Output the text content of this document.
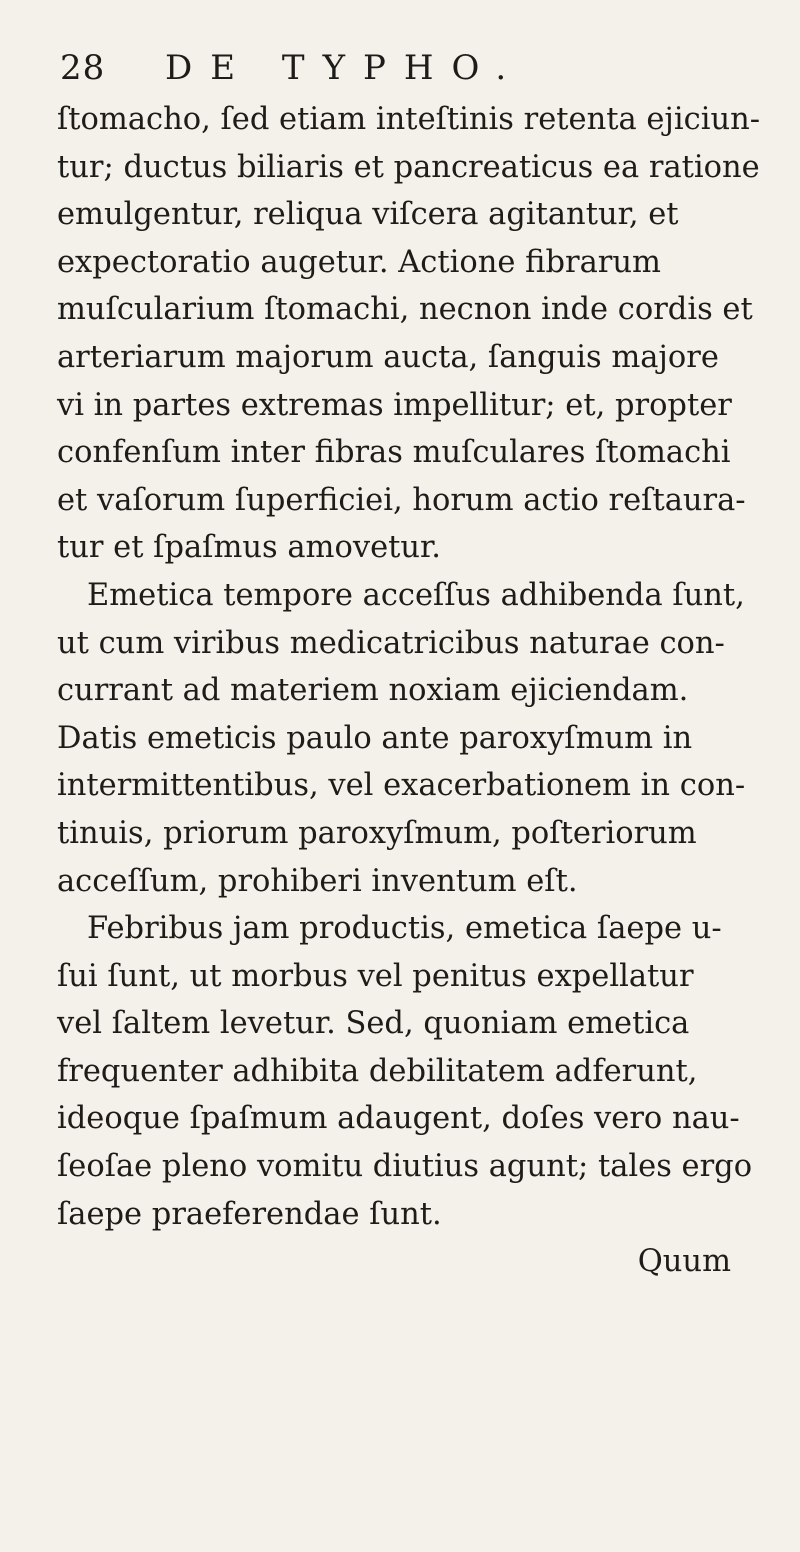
28 DE TYPHO.
ſtomacho, ſed etiam inteſtinis retenta ejiciun-
tur; ductus biliaris et pancreaticus ea ratione
emulgentur, reliqua viſcera agitantur, et
expectoratio augetur. Actione fibrarum
muſcularium ſtomachi, necnon inde cordis et
arteriarum majorum aucta, ſanguis majore
vi in partes extremas impellitur; et, propter
confenſum inter fibras muſculares ſtomachi
et vaſorum ſuperficiei, horum actio reſtaura-
tur et ſpaſmus amovetur.
Emetica tempore acceſſus adhibenda ſunt,
ut cum viribus medicatricibus naturae con-
currant ad materiem noxiam ejiciendam.
Datis emeticis paulo ante paroxyſmum in
intermittentibus, vel exacerbationem in con-
tinuis, priorum paroxyſmum, poſteriorum
acceſſum, prohiberi inventum eſt.
Febribus jam productis, emetica ſaepe u-
ſui ſunt, ut morbus vel penitus expellatur
vel ſaltem levetur. Sed, quoniam emetica
frequenter adhibita debilitatem adferunt,
ideoque ſpaſmum adaugent, doſes vero nau-
ſeoſae pleno vomitu diutius agunt; tales ergo
ſaepe praeferendae ſunt.
Quum
